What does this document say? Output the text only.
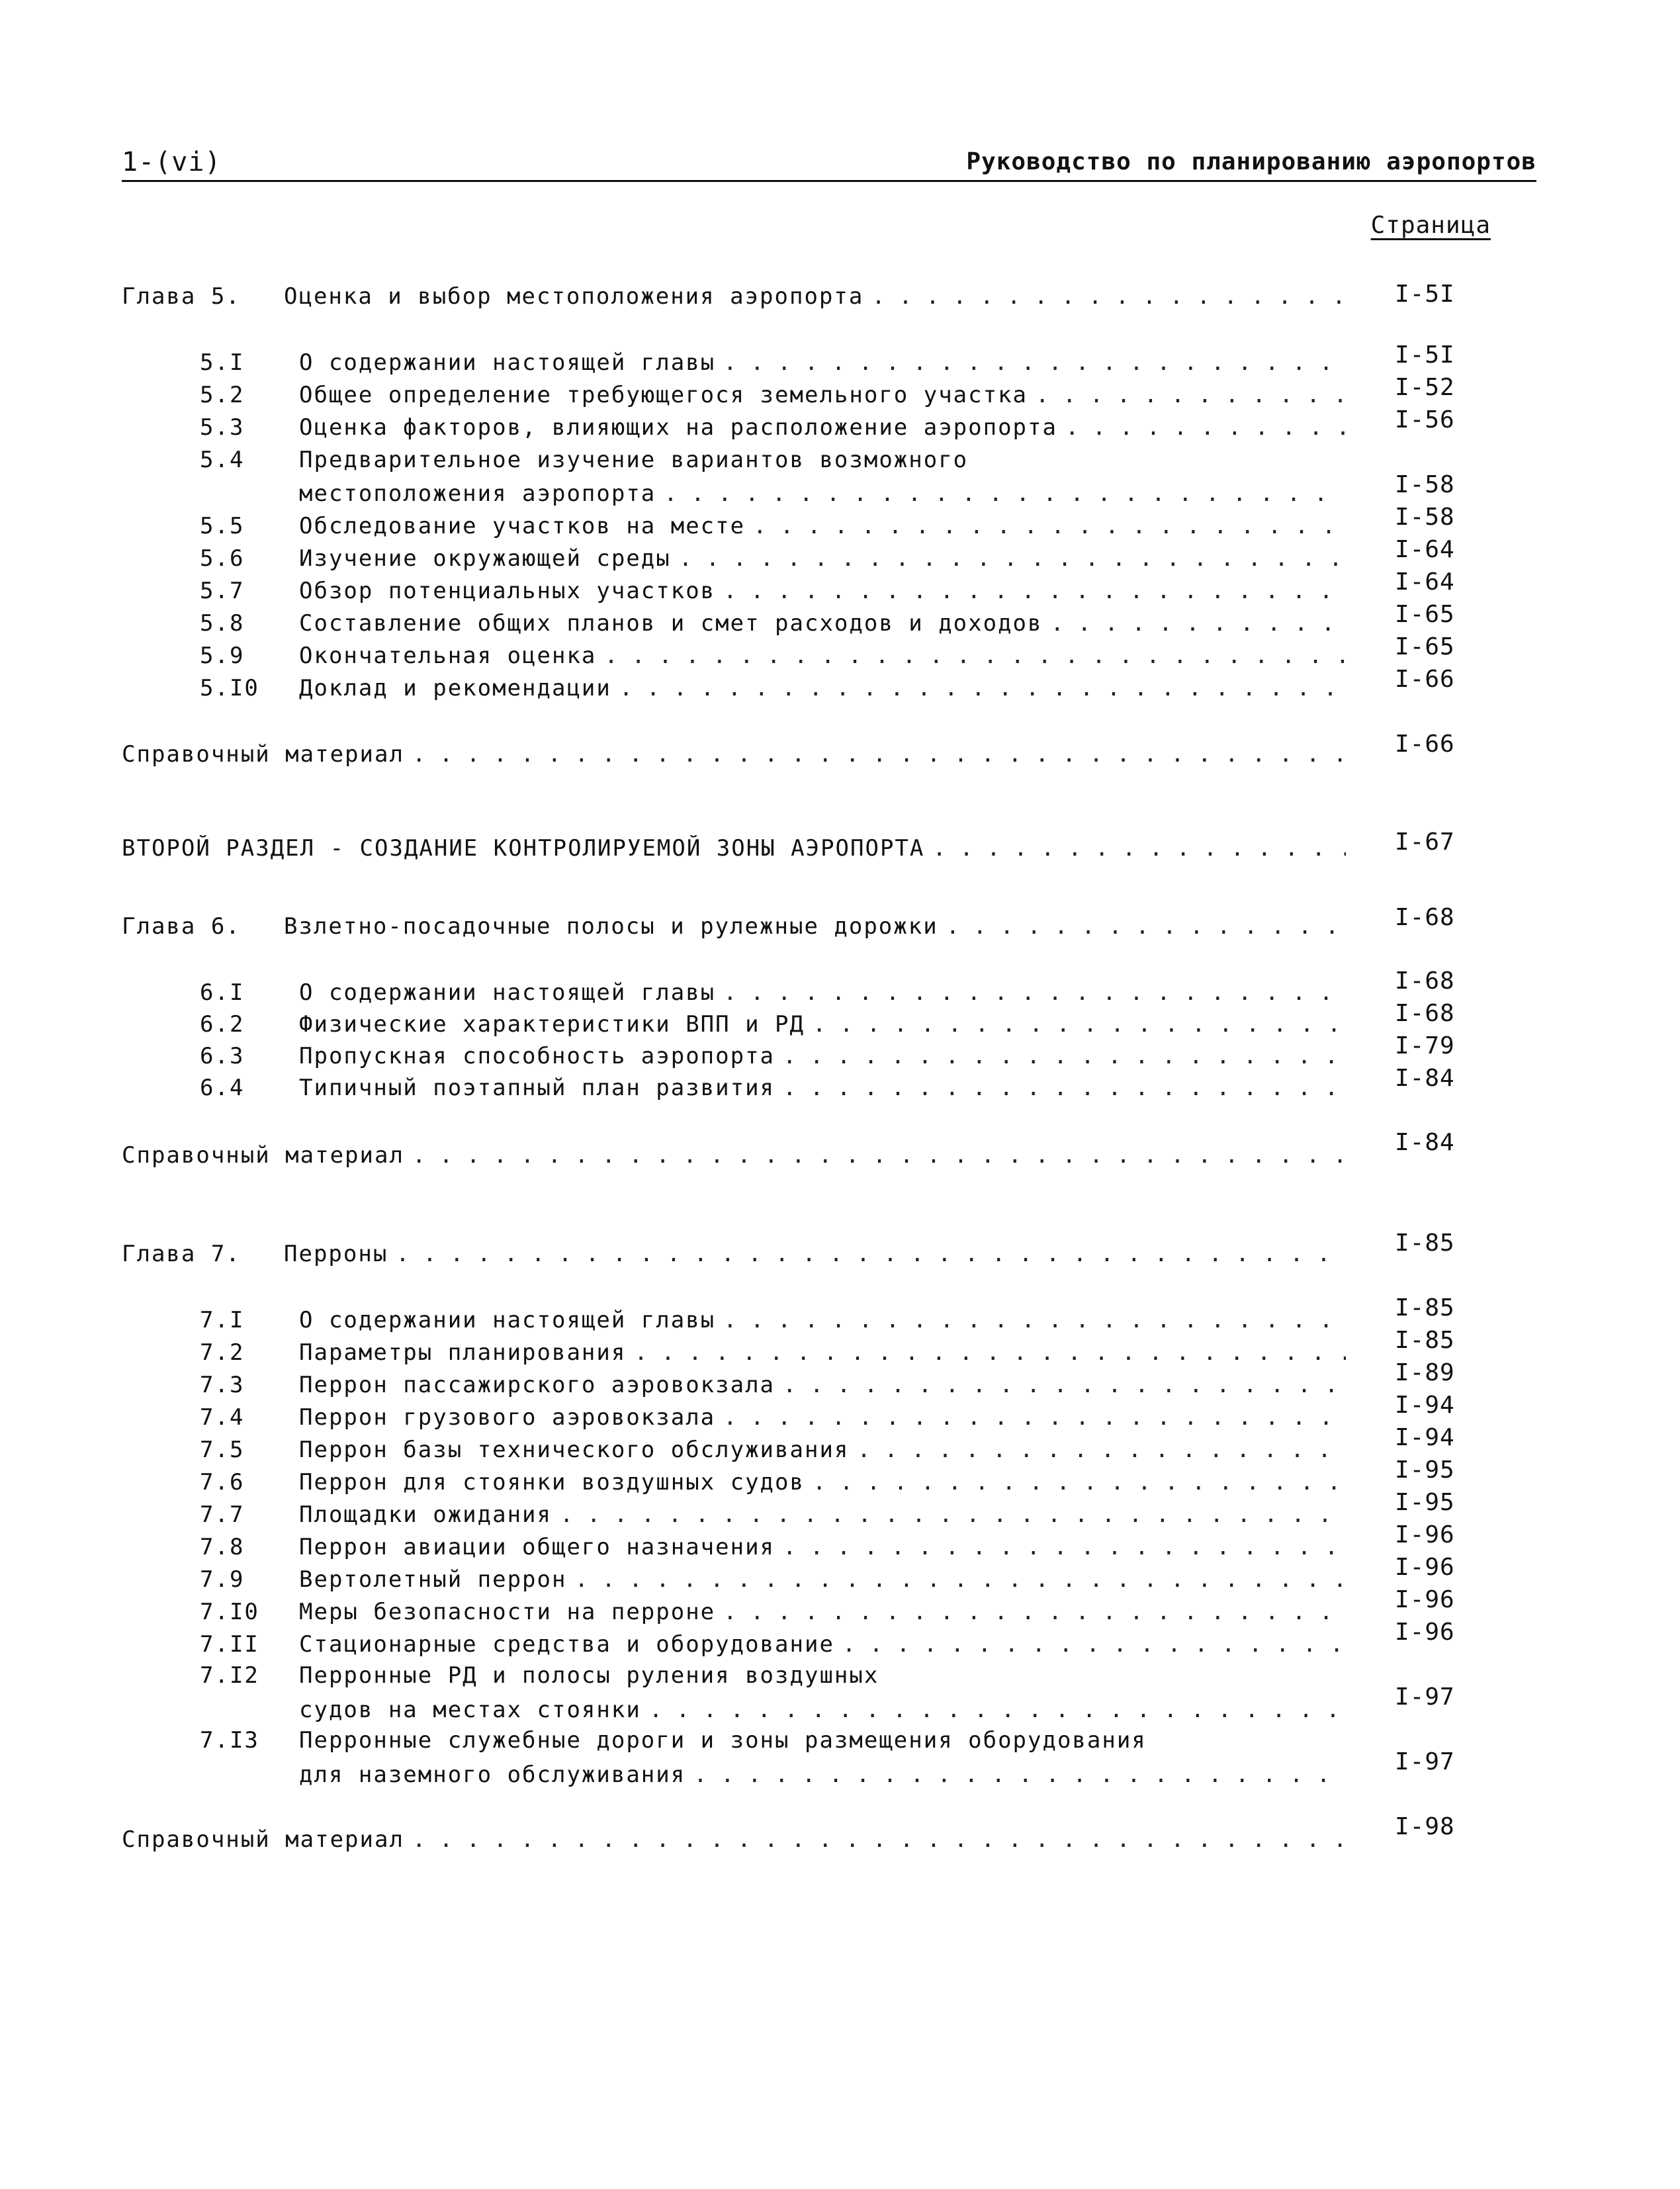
1-(vi)	Руководство по планированию аэропортов
Страница
Глава 5. Оценка и выбор местоположения аэропорта . . .	I-5I
5.I О содержании настоящей главы . . .	I-5I
5.2 Общее определение требующегося земельного участка . . .	I-52
5.3 Оценка факторов, влияющих на расположение аэропорта . . .	I-56
5.4 Предварительное изучение вариантов возможного
местоположения аэропорта . . .	I-58
5.5 Обследование участков на месте . . .	I-58
5.6 Изучение окружающей среды . . .	I-64
5.7 Обзор потенциальных участков . . .	I-64
5.8 Составление общих планов и смет расходов и доходов . . .	I-65
5.9 Окончательная оценка . . .	I-65
5.I0 Доклад и рекомендации . . .	I-66
Справочный материал . . .	I-66
ВТОРОЙ РАЗДЕЛ - СОЗДАНИЕ КОНТРОЛИРУЕМОЙ ЗОНЫ АЭРОПОРТА . . .	I-67
Глава 6. Взлетно-посадочные полосы и рулежные дорожки . . .	I-68
6.I О содержании настоящей главы . . .	I-68
6.2 Физические характеристики ВПП и РД . . .	I-68
6.3 Пропускная способность аэропорта . . .	I-79
6.4 Типичный поэтапный план развития . . .	I-84
Справочный материал . . .	I-84
Глава 7. Перроны . . .	I-85
7.I О содержании настоящей главы . . .	I-85
7.2 Параметры планирования . . .	I-85
7.3 Перрон пассажирского аэровокзала . . .	I-89
7.4 Перрон грузового аэровокзала . . .	I-94
7.5 Перрон базы технического обслуживания . . .	I-94
7.6 Перрон для стоянки воздушных судов . . .	I-95
7.7 Площадки ожидания . . .	I-95
7.8 Перрон авиации общего назначения . . .	I-96
7.9 Вертолетный перрон . . .	I-96
7.I0 Меры безопасности на перроне . . .	I-96
7.II Стационарные средства и оборудование . . .	I-96
7.I2 Перронные РД и полосы руления воздушных
судов на местах стоянки . . .	I-97
7.I3 Перронные служебные дороги и зоны размещения оборудования
для наземного обслуживания . . .	I-97
Справочный материал . . .	I-98
